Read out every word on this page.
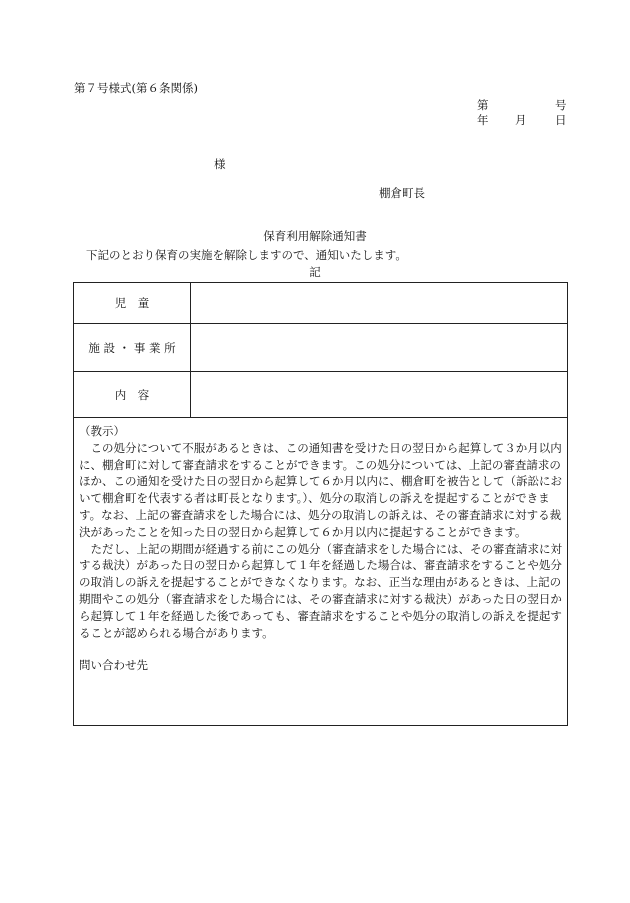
第７号様式(第６条関係)
第	号
年 月 日
様
棚倉町長
保育利用解除通知書
下記のとおり保育の実施を解除しますので、通知いたします。
記
児　童
施 設 ・ 事 業 所
内　容

（教示）

この処分について不服があるときは、この通知書を受けた日の翌日から起算して３か月以内に、棚倉町に対して審査請求をすることができます。この処分については、上記の審査請求のほか、この通知を受けた日の翌日から起算して６か月以内に、棚倉町を被告として（訴訟において棚倉町を代表する者は町長となります。）、処分の取消しの訴えを提起することができます。なお、上記の審査請求をした場合には、処分の取消しの訴えは、その審査請求に対する裁決があったことを知った日の翌日から起算して６か月以内に提起することができます。

ただし、上記の期間が経過する前にこの処分（審査請求をした場合には、その審査請求に対する裁決）があった日の翌日から起算して１年を経過した場合は、審査請求をすることや処分の取消しの訴えを提起することができなくなります。なお、正当な理由があるときは、上記の期間やこの処分（審査請求をした場合には、その審査請求に対する裁決）があった日の翌日から起算して１年を経過した後であっても、審査請求をすることや処分の取消しの訴えを提起することが認められる場合があります。

問い合わせ先
